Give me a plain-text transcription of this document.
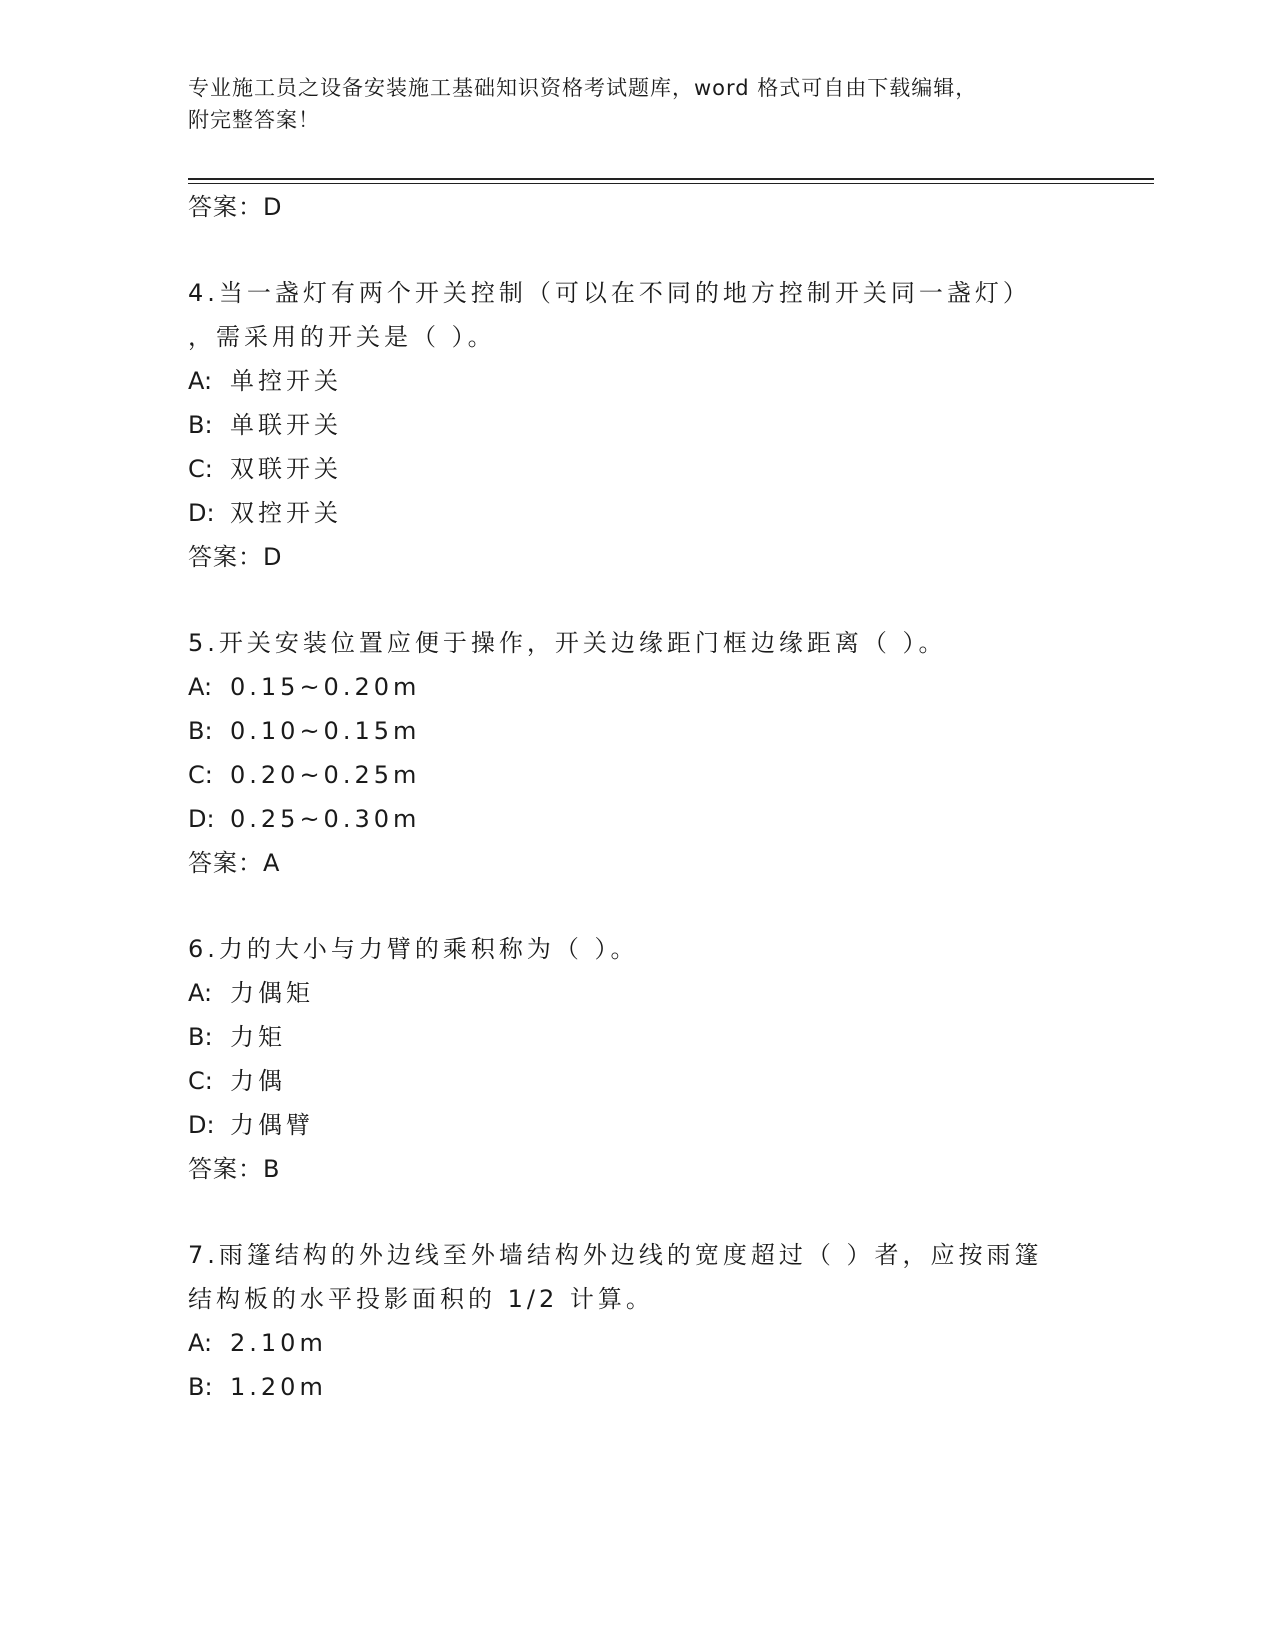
专业施工员之设备安装施工基础知识资格考试题库，word 格式可自由下载编辑，
附完整答案！
答案：D
4.当一盏灯有两个开关控制（可以在不同的地方控制开关同一盏灯）
，需采用的开关是（ ）。
A: 单控开关
B: 单联开关
C: 双联开关
D: 双控开关
答案：D
5.开关安装位置应便于操作，开关边缘距门框边缘距离（ ）。
A: 0.15~0.20m
B: 0.10~0.15m
C: 0.20~0.25m
D: 0.25~0.30m
答案：A
6.力的大小与力臂的乘积称为（ ）。
A: 力偶矩
B: 力矩
C: 力偶
D: 力偶臂
答案：B
7.雨篷结构的外边线至外墙结构外边线的宽度超过（ ）者，应按雨篷
结构板的水平投影面积的 1/2 计算。
A: 2.10m
B: 1.20m
